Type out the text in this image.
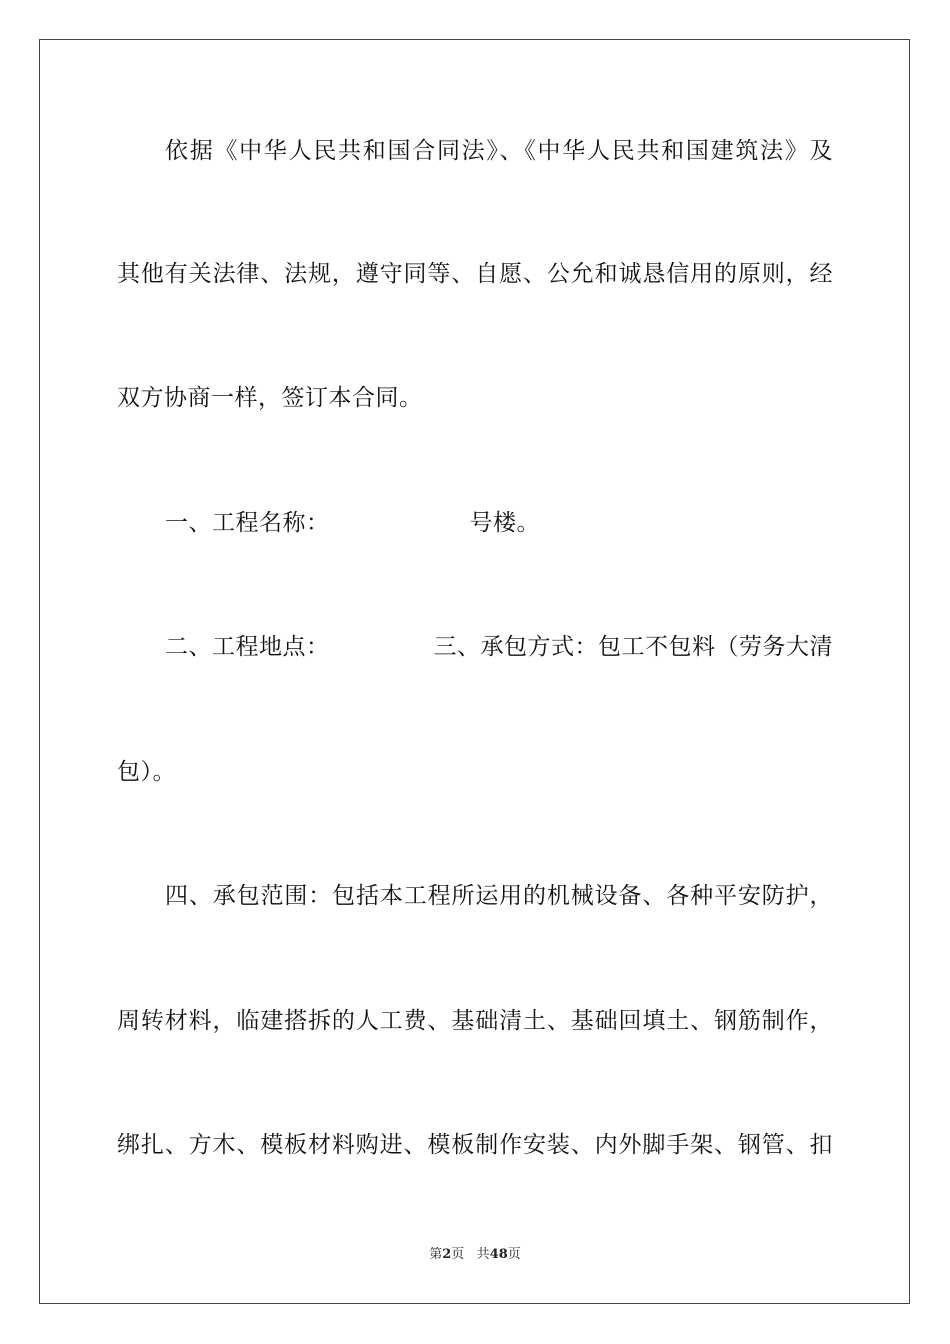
依据《中华人民共和国合同法》、《中华人民共和国建筑法》及
其他有关法律、法规，遵守同等、自愿、公允和诚恳信用的原则，经
双方协商一样，签订本合同。
一、工程名称：	号楼。
二、工程地点：	三、承包方式：包工不包料（劳务大清
包）。
四、承包范围：包括本工程所运用的机械设备、各种平安防护，
周转材料，临建搭拆的人工费、基础清土、基础回填土、钢筋制作，
绑扎、方木、模板材料购进、模板制作安装、内外脚手架、钢管、扣
第2页 共48页
